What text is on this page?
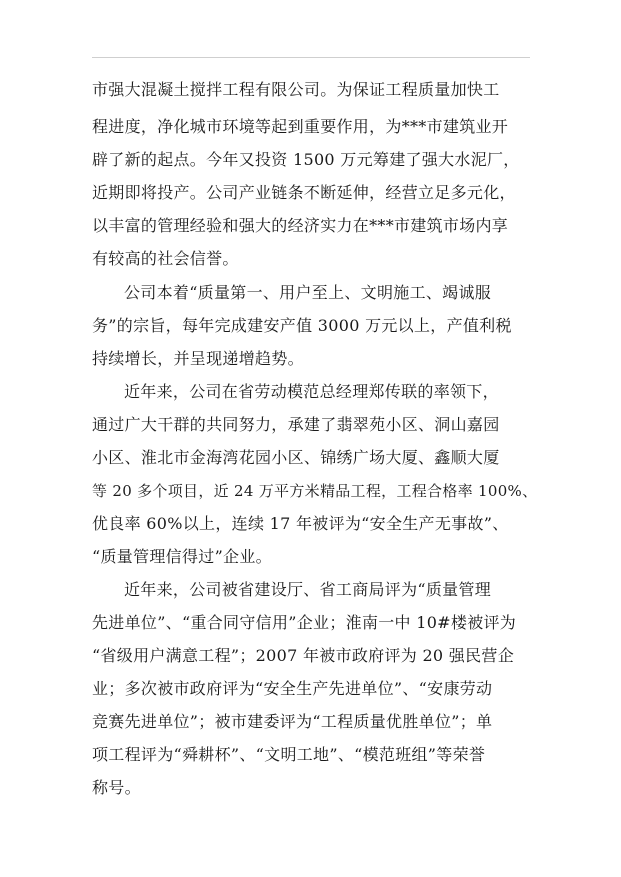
市强大混凝土搅拌工程有限公司。为保证工程质量加快工
程进度，净化城市环境等起到重要作用，为***市建筑业开
辟了新的起点。今年又投资 1500 万元筹建了强大水泥厂，
近期即将投产。公司产业链条不断延伸，经营立足多元化，
以丰富的管理经验和强大的经济实力在***市建筑市场内享
有较高的社会信誉。
公司本着“质量第一、用户至上、文明施工、竭诚服
务”的宗旨，每年完成建安产值 3000 万元以上，产值利税
持续增长，并呈现递增趋势。
近年来，公司在省劳动模范总经理郑传联的率领下，
通过广大干群的共同努力，承建了翡翠苑小区、洞山嘉园
小区、淮北市金海湾花园小区、锦绣广场大厦、鑫顺大厦
等 20 多个项目，近 24 万平方米精品工程，工程合格率 100%、
优良率 60%以上，连续 17 年被评为“安全生产无事故”、
“质量管理信得过”企业。
近年来，公司被省建设厅、省工商局评为“质量管理
先进单位”、“重合同守信用”企业；淮南一中 10#楼被评为
“省级用户满意工程”；2007 年被市政府评为 20 强民营企
业；多次被市政府评为“安全生产先进单位”、“安康劳动
竞赛先进单位”；被市建委评为“工程质量优胜单位”；单
项工程评为“舜耕杯”、“文明工地”、“模范班组”等荣誉
称号。
